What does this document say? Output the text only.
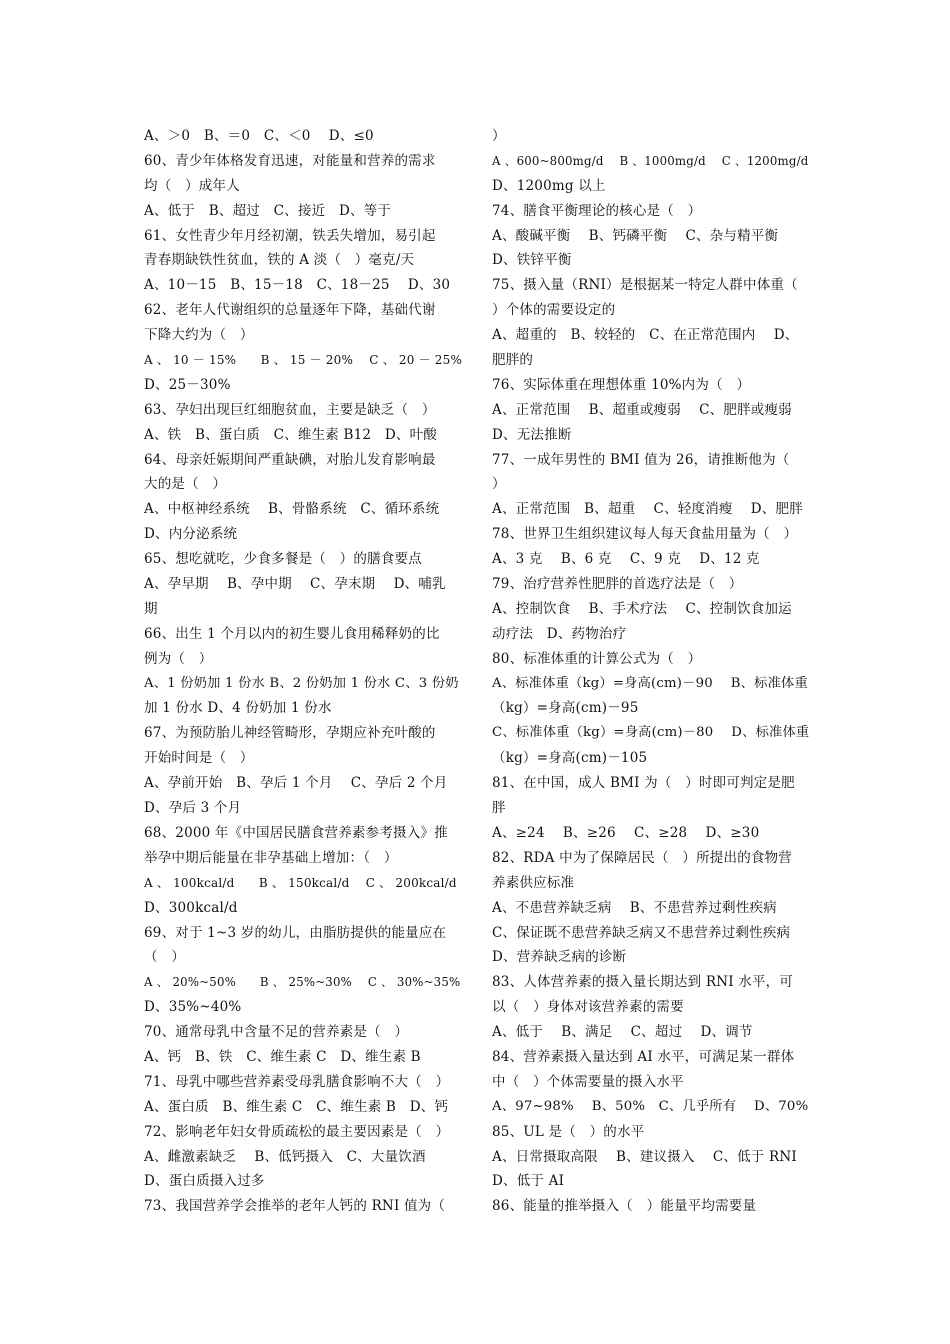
A、＞0　B、＝0　C、＜0　 D、≤0
60、青少年体格发育迅速，对能量和营养的需求
均（　）成年人
A、低于　B、超过　C、接近　D、等于
61、女性青少年月经初潮，铁丢失增加，易引起
青春期缺铁性贫血，铁的 A 淡（　）毫克/天
A、10－15　B、15－18　C、18－25　 D、30
62、老年人代谢组织的总量逐年下降，基础代谢
下降大约为（　）
A 、 10 － 15%　　B 、 15 － 20%　 C 、 20 － 25%
D、25－30%
63、孕妇出现巨红细胞贫血，主要是缺乏（　）
A、铁　B、蛋白质　C、维生素 B12　D、叶酸
64、母亲妊娠期间严重缺碘，对胎儿发育影响最
大的是（　）
A、中枢神经系统　 B、骨骼系统　C、循环系统
D、内分泌系统
65、想吃就吃，少食多餐是（　）的膳食要点
A、孕早期　 B、孕中期　 C、孕末期　 D、哺乳
期
66、出生 1 个月以内的初生婴儿食用稀释奶的比
例为（　）
A、1 份奶加 1 份水 B、2 份奶加 1 份水 C、3 份奶
加 1 份水 D、4 份奶加 1 份水
67、为预防胎儿神经管畸形，孕期应补充叶酸的
开始时间是（　）
A、孕前开始　B、孕后 1 个月　 C、孕后 2 个月
D、孕后 3 个月
68、2000 年《中国居民膳食营养素参考摄入》推
举孕中期后能量在非孕基础上增加：（　）
A 、 100kcal/d　　B 、 150kcal/d　 C 、 200kcal/d
D、300kcal/d
69、对于 1~3 岁的幼儿，由脂肪提供的能量应在
（　）
A 、 20%~50%　　B 、 25%~30%　 C 、 30%~35%
D、35%~40%
70、通常母乳中含量不足的营养素是（　）
A、钙　B、铁　C、维生素 C　D、维生素 B
71、母乳中哪些营养素受母乳膳食影响不大（　）
A、蛋白质　B、维生素 C　C、维生素 B　D、钙
72、影响老年妇女骨质疏松的最主要因素是（　）
A、雌激素缺乏　 B、低钙摄入　C、大量饮酒
D、蛋白质摄入过多
73、我国营养学会推举的老年人钙的 RNI 值为（
）
A 、600~800mg/d　 B 、1000mg/d　 C 、1200mg/d
D、1200mg 以上
74、膳食平衡理论的核心是（　）
A、酸碱平衡　 B、钙磷平衡　 C、杂与精平衡
D、铁锌平衡
75、摄入量（RNI）是根据某一特定人群中体重（
）个体的需要设定的
A、超重的　B、较轻的　C、在正常范围内　 D、
肥胖的
76、实际体重在理想体重 10%内为（　）
A、正常范围　 B、超重或瘦弱　 C、肥胖或瘦弱
D、无法推断
77、一成年男性的 BMI 值为 26，请推断他为（
）
A、正常范围　B、超重　 C、轻度消瘦　 D、肥胖
78、世界卫生组织建议每人每天食盐用量为（　）
A、3 克　 B、6 克　 C、9 克　 D、12 克
79、治疗营养性肥胖的首选疗法是（　）
A、控制饮食　 B、手术疗法　 C、控制饮食加运
动疗法　D、药物治疗
80、标准体重的计算公式为（　）
A、标准体重（kg）=身高(cm)－90　 B、标准体重
（kg）=身高(cm)－95
C、标准体重（kg）=身高(cm)－80　 D、标准体重
（kg）=身高(cm)－105
81、在中国，成人 BMI 为（　）时即可判定是肥
胖
A、≥24　 B、≥26　 C、≥28　 D、≥30
82、RDA 中为了保障居民（　）所提出的食物营
养素供应标准
A、不患营养缺乏病　 B、不患营养过剩性疾病
C、保证既不患营养缺乏病又不患营养过剩性疾病
D、营养缺乏病的诊断
83、人体营养素的摄入量长期达到 RNI 水平，可
以（　）身体对该营养素的需要
A、低于　 B、满足　 C、超过　 D、调节
84、营养素摄入量达到 AI 水平，可满足某一群体
中（　）个体需要量的摄入水平
A、97~98%　 B、50%　C、几乎所有　 D、70%
85、UL 是（　）的水平
A、日常摄取高限　 B、建议摄入　 C、低于 RNI
D、低于 AI
86、能量的推举摄入（　）能量平均需要量
